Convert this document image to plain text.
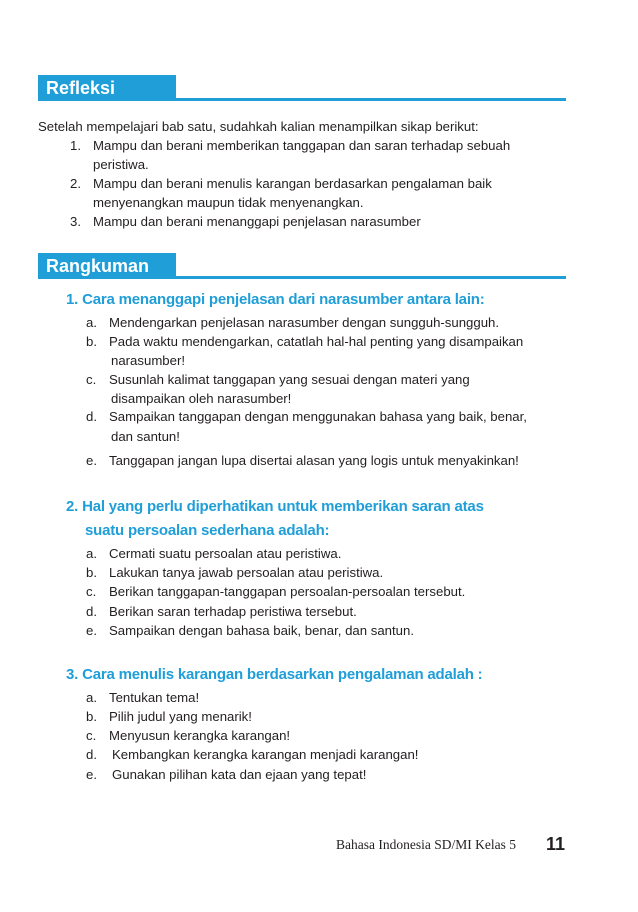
Refleksi
Setelah mempelajari bab satu, sudahkah kalian menampilkan sikap berikut:
1. Mampu dan berani memberikan tanggapan dan saran terhadap sebuah
peristiwa.
2. Mampu dan berani menulis karangan berdasarkan pengalaman baik
menyenangkan maupun tidak menyenangkan.
3. Mampu dan berani menanggapi penjelasan narasumber
Rangkuman
1. Cara menanggapi penjelasan dari narasumber antara lain:
a. Mendengarkan penjelasan narasumber dengan sungguh-sungguh.
b. Pada waktu mendengarkan, catatlah hal-hal penting yang disampaikan
narasumber!
c. Susunlah kalimat tanggapan yang sesuai dengan materi yang
disampaikan oleh narasumber!
d. Sampaikan tanggapan dengan menggunakan bahasa yang baik, benar,
dan santun!
e. Tanggapan jangan lupa disertai alasan yang logis untuk menyakinkan!
2. Hal yang perlu diperhatikan untuk memberikan saran atas
suatu persoalan sederhana adalah:
a. Cermati suatu persoalan atau peristiwa.
b. Lakukan tanya jawab persoalan atau peristiwa.
c. Berikan tanggapan-tanggapan persoalan-persoalan tersebut.
d. Berikan saran terhadap peristiwa tersebut.
e. Sampaikan dengan bahasa baik, benar, dan santun.
3. Cara menulis karangan berdasarkan pengalaman adalah :
a. Tentukan tema!
b. Pilih judul yang menarik!
c. Menyusun kerangka karangan!
d. Kembangkan kerangka karangan menjadi karangan!
e. Gunakan pilihan kata dan ejaan yang tepat!
Bahasa Indonesia SD/MI Kelas 5 11
